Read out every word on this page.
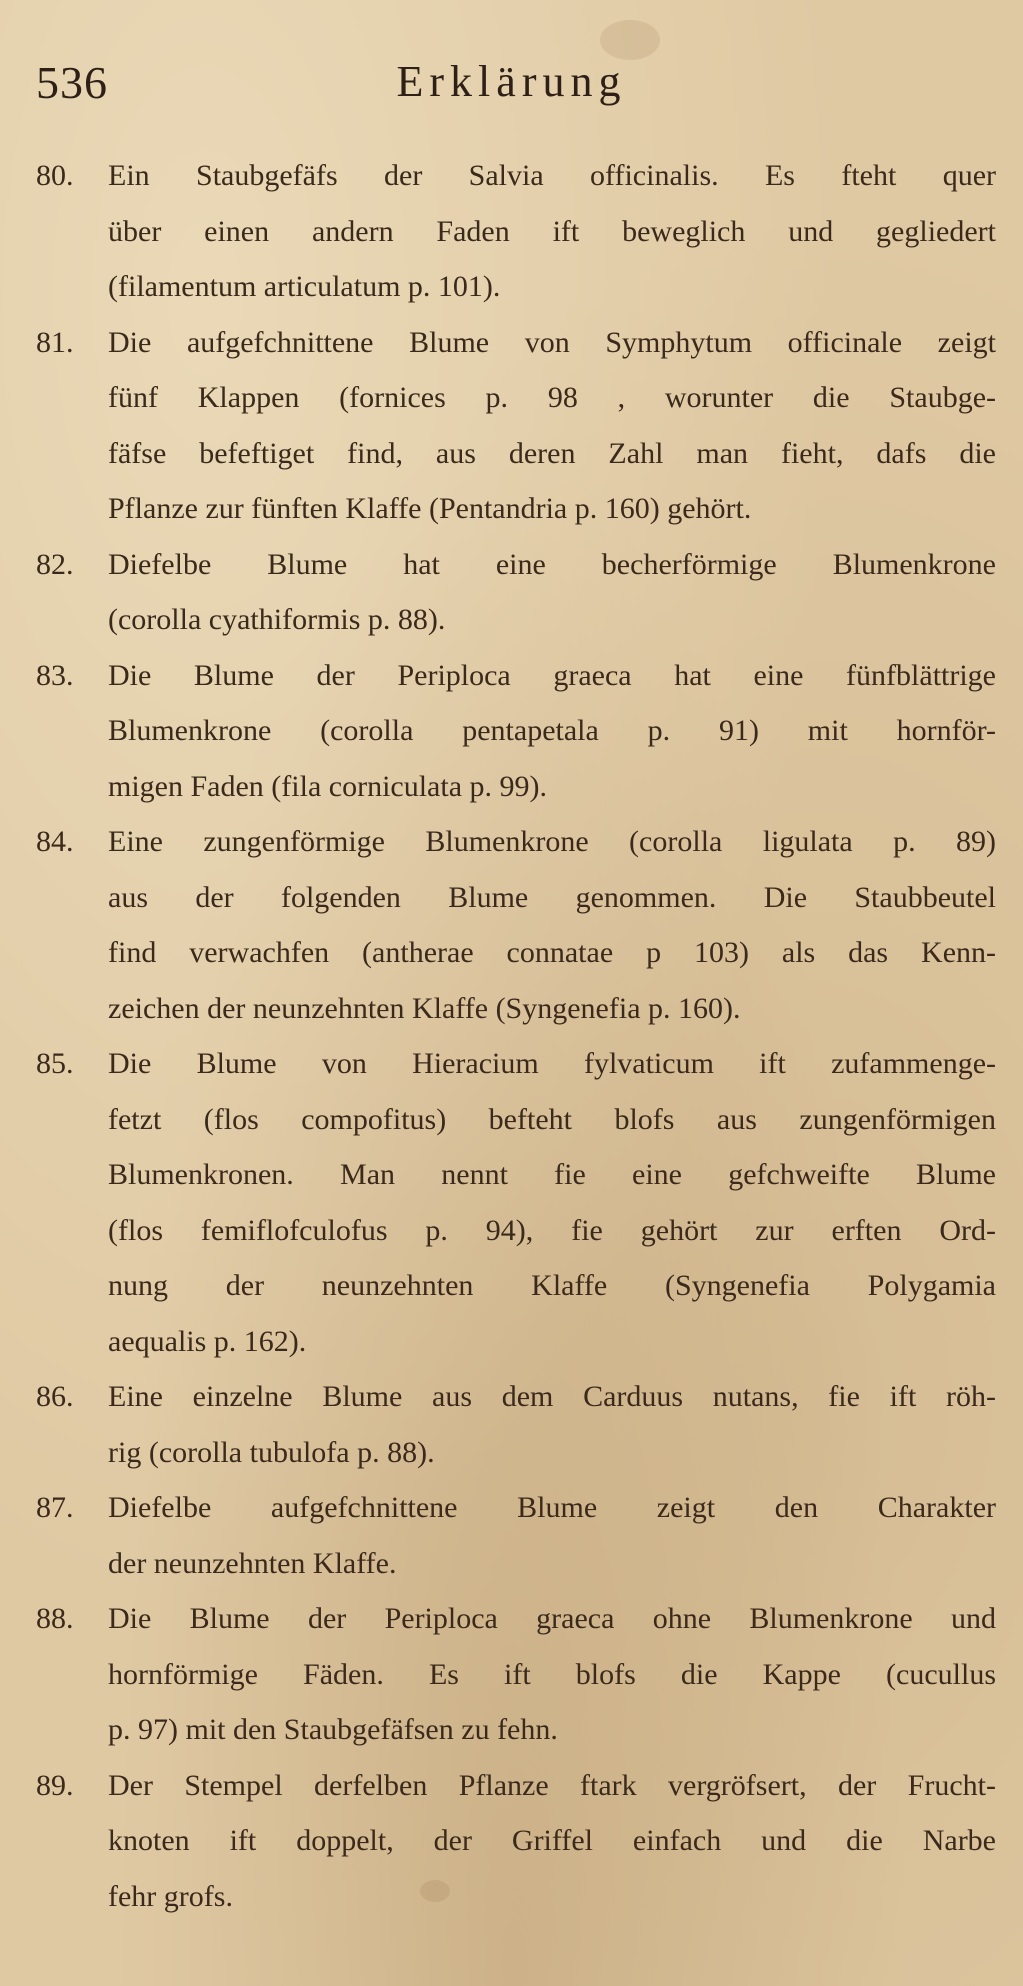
536	Erklärung
80.	Ein Staubgefäfs der Salvia officinalis. Es fteht quer
über einen andern Faden ift beweglich und gegliedert
(filamentum articulatum p. 101).
81.	Die aufgefchnittene Blume von Symphytum officinale zeigt
fünf Klappen (fornices p. 98 , worunter die Staubge-
fäfse befeftiget find, aus deren Zahl man fieht, dafs die
Pflanze zur fünften Klaffe (Pentandria p. 160) gehört.
82.	Diefelbe Blume hat eine becherförmige Blumenkrone
(corolla cyathiformis p. 88).
83.	Die Blume der Periploca graeca hat eine fünfblättrige
Blumenkrone (corolla pentapetala p. 91) mit hornför-
migen Faden (fila corniculata p. 99).
84.	Eine zungenförmige Blumenkrone (corolla ligulata p. 89)
aus der folgenden Blume genommen. Die Staubbeutel
find verwachfen (antherae connatae p 103) als das Kenn-
zeichen der neunzehnten Klaffe (Syngenefia p. 160).
85.	Die Blume von Hieracium fylvaticum ift zufammenge-
fetzt (flos compofitus) befteht blofs aus zungenförmigen
Blumenkronen. Man nennt fie eine gefchweifte Blume
(flos femiflofculofus p. 94), fie gehört zur erften Ord-
nung der neunzehnten Klaffe (Syngenefia Polygamia
aequalis p. 162).
86.	Eine einzelne Blume aus dem Carduus nutans, fie ift röh-
rig (corolla tubulofa p. 88).
87.	Diefelbe aufgefchnittene Blume zeigt den Charakter
der neunzehnten Klaffe.
88.	Die Blume der Periploca graeca ohne Blumenkrone und
hornförmige Fäden. Es ift blofs die Kappe (cucullus
p. 97) mit den Staubgefäfsen zu fehn.
89.	Der Stempel derfelben Pflanze ftark vergröfsert, der Frucht-
knoten ift doppelt, der Griffel einfach und die Narbe
fehr grofs.
